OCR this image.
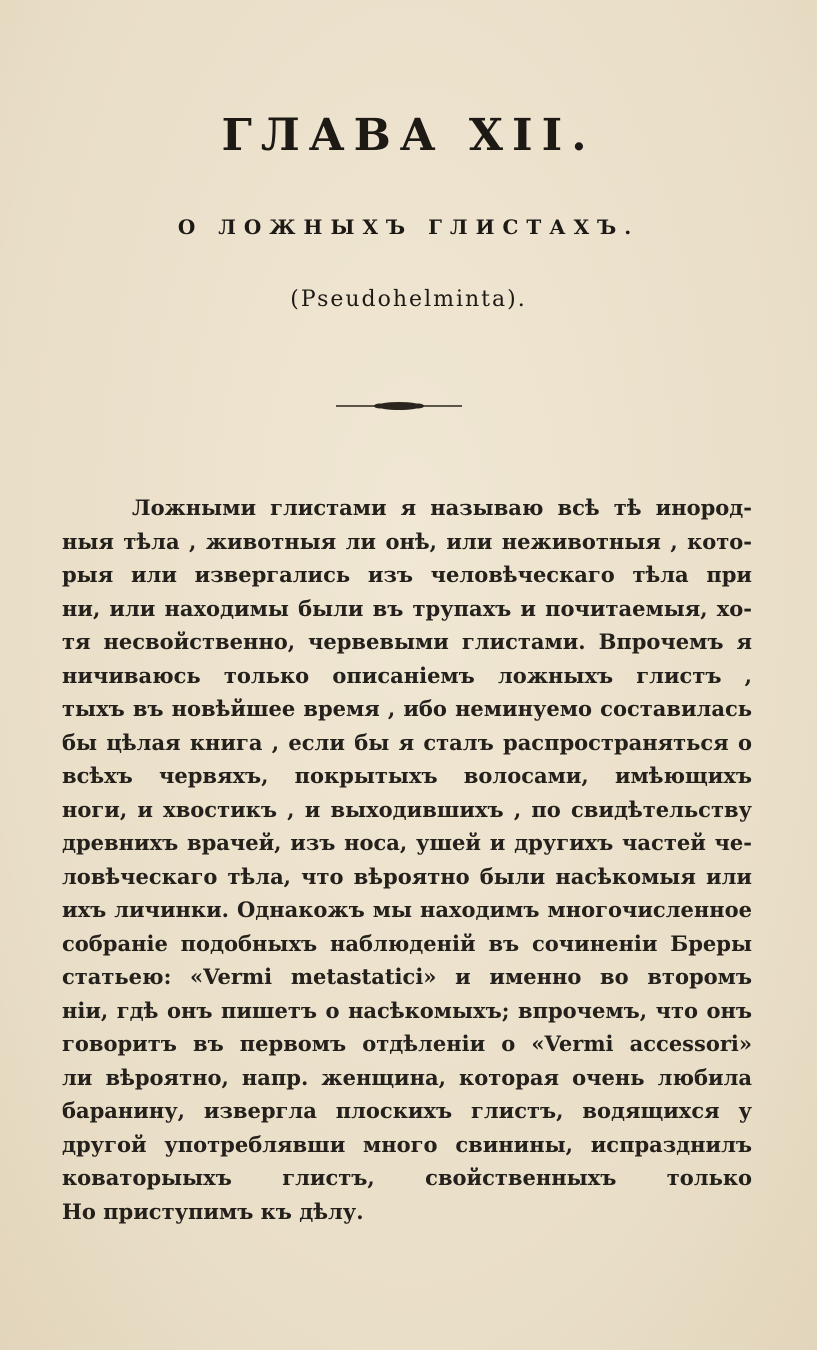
ГЛАВА XII.
О ЛОЖНЫХЪ ГЛИСТАХЪ.
(Pseudohelminta).
Ложными глистами я называю всѣ тѣ инород-
ныя тѣла , животныя ли онѣ, или неживотныя , кото-
рыя или извергались изъ человѣческаго тѣла при
ни, или находимы были въ трупахъ и почитаемыя, хо-
тя несвойственно, червевыми глистами. Впрочемъ я
ничиваюсь только описаніемъ ложныхъ глистъ ,
тыхъ въ новѣйшее время , ибо неминуемо составилась
бы цѣлая книга , если бы я сталъ распространяться о
всѣхъ червяхъ, покрытыхъ волосами, имѣющихъ
ноги, и хвостикъ , и выходившихъ , по свидѣтельству
древнихъ врачей, изъ носа, ушей и другихъ частей че-
ловѣческаго тѣла, что вѣроятно были насѣкомыя или
ихъ личинки. Однакожъ мы находимъ многочисленное
собраніе подобныхъ наблюденій въ сочиненіи Бреры
статьею: «Vermi metastatici» и именно во второмъ
ніи, гдѣ онъ пишетъ о насѣкомыхъ; впрочемъ, что онъ
говоритъ въ первомъ отдѣленіи о «Vermi accessori»
ли вѣроятно, напр. женщина, которая очень любила
баранину, извергла плоскихъ глистъ, водящихся у
другой употреблявши много свинины, испразднилъ
коваторыыхъ глистъ, свойственныхъ только
Но приступимъ къ дѣлу.
